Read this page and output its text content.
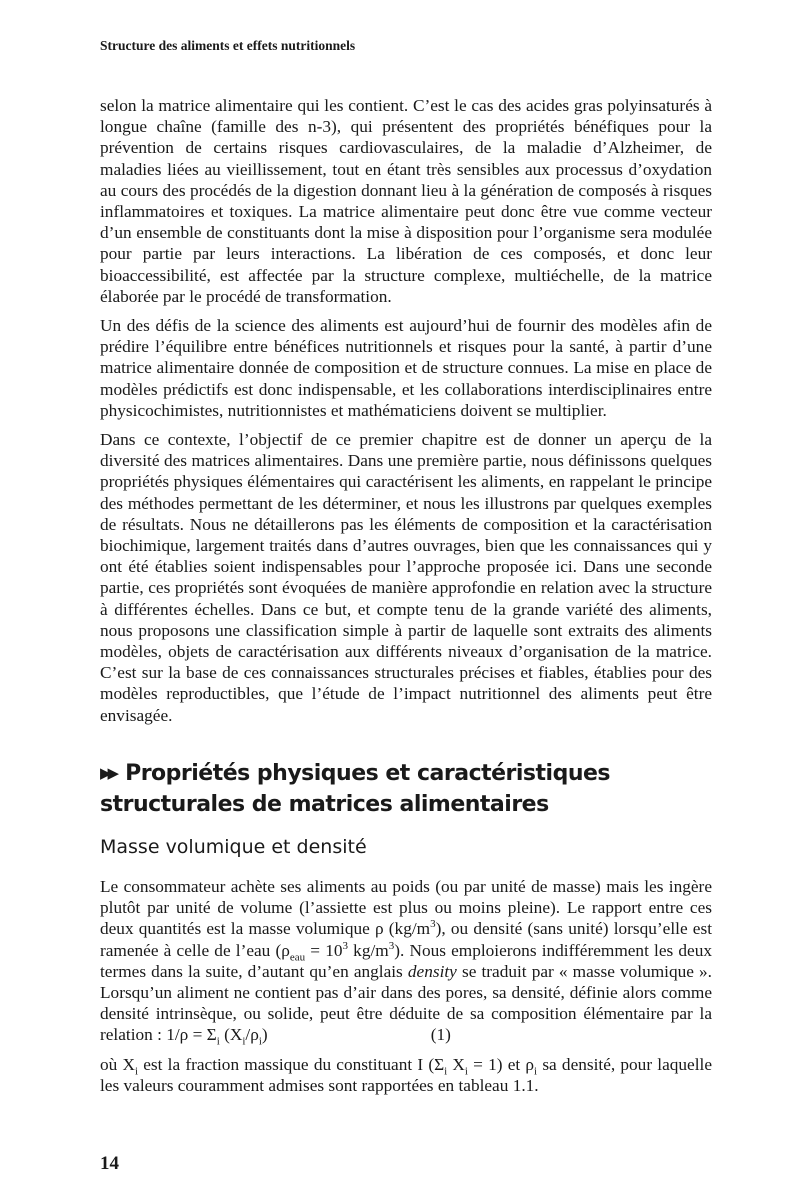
Structure des aliments et effets nutritionnels

selon la matrice alimentaire qui les contient. C’est le cas des acides gras polyinsaturés à longue chaîne (famille des n-3), qui présentent des propriétés bénéfiques pour la prévention de certains risques cardiovasculaires, de la maladie d’Alzheimer, de maladies liées au vieillissement, tout en étant très sensibles aux processus d’oxydation au cours des procédés de la digestion donnant lieu à la génération de composés à risques inflammatoires et toxiques. La matrice alimentaire peut donc être vue comme vecteur d’un ensemble de constituants dont la mise à disposition pour l’organisme sera modulée pour partie par leurs interactions. La libération de ces composés, et donc leur bioaccessibilité, est affectée par la structure complexe, multiéchelle, de la matrice élaborée par le procédé de transformation.

Un des défis de la science des aliments est aujourd’hui de fournir des modèles afin de prédire l’équilibre entre bénéfices nutritionnels et risques pour la santé, à partir d’une matrice alimentaire donnée de composition et de structure connues. La mise en place de modèles prédictifs est donc indispensable, et les collaborations interdisciplinaires entre physicochimistes, nutritionnistes et mathématiciens doivent se multiplier.

Dans ce contexte, l’objectif de ce premier chapitre est de donner un aperçu de la diversité des matrices alimentaires. Dans une première partie, nous définissons quelques propriétés physiques élémentaires qui caractérisent les aliments, en rappelant le principe des méthodes permettant de les déterminer, et nous les illustrons par quelques exemples de résultats. Nous ne détaillerons pas les éléments de composition et la caractérisation biochimique, largement traités dans d’autres ouvrages, bien que les connaissances qui y ont été établies soient indispensables pour l’approche proposée ici. Dans une seconde partie, ces propriétés sont évoquées de manière approfondie en relation avec la structure à différentes échelles. Dans ce but, et compte tenu de la grande variété des aliments, nous proposons une classification simple à partir de laquelle sont extraits des aliments modèles, objets de caractérisation aux différents niveaux d’organisation de la matrice. C’est sur la base de ces connaissances structurales précises et fiables, établies pour des modèles reproductibles, que l’étude de l’impact nutritionnel des aliments peut être envisagée.

▶▶ Propriétés physiques et caractéristiques structurales de matrices alimentaires
Masse volumique et densité

Le consommateur achète ses aliments au poids (ou par unité de masse) mais les ingère plutôt par unité de volume (l’assiette est plus ou moins pleine). Le rapport entre ces deux quantités est la masse volumique ρ $(kg/m^3)$, ou densité (sans unité) lorsqu’elle est ramenée à celle de l’eau ($\rho_{eau} = 10^3$ $kg/m^3$). Nous emploierons indifféremment les deux termes dans la suite, d’autant qu’en anglais density se traduit par « masse volumique ». Lorsqu’un aliment ne contient pas d’air dans des pores, sa densité, définie alors comme densité intrinsèque, ou solide, peut être déduite de sa composition élémentaire par la relation : $1/\rho = \Sigma_i$ $(X_i/\rho_i)$	(1)

où $X_i$ est la fraction massique du constituant I ($\Sigma_i$ $X_i = 1$) et $\rho_i$ sa densité, pour laquelle les valeurs couramment admises sont rapportées en tableau 1.1.

14
